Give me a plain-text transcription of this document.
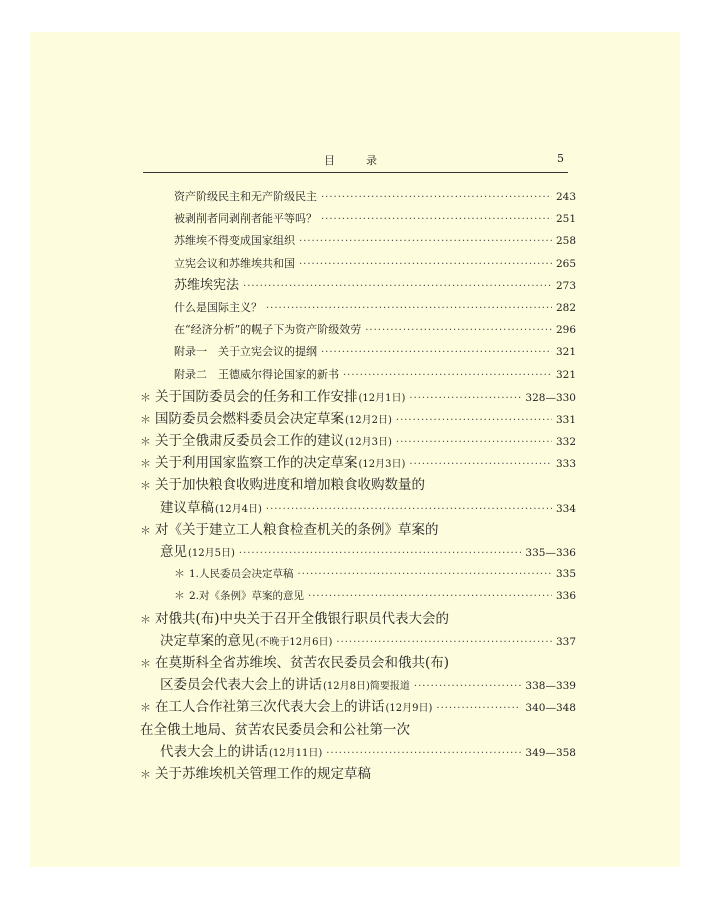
目　录	5
资产阶级民主和无产阶级民主 ·····	243
被剥削者同剥削者能平等吗？ ·····	251
苏维埃不得变成国家组织 ·····	258
立宪会议和苏维埃共和国 ·····	265
苏维埃宪法 ·····	273
什么是国际主义？ ·····	282
在“经济分析”的幌子下为资产阶级效劳 ·····	296
附录一　关于立宪会议的提纲 ·····	321
附录二　王德威尔得论国家的新书 ·····	321
＊ 关于国防委员会的任务和工作安排 (12月1日) ·····	328—330
＊ 国防委员会燃料委员会决定草案 (12月2日) ·····	331
＊ 关于全俄肃反委员会工作的建议 (12月3日) ·····	332
＊ 关于利用国家监察工作的决定草案 (12月3日) ·····	333
＊ 关于加快粮食收购进度和增加粮食收购数量的
建议草稿 (12月4日) ·····	334
＊ 对《关于建立工人粮食检查机关的条例》草案的
意见 (12月5日) ·····	335—336
＊ 1.人民委员会决定草稿 ·····	335
＊ 2.对《条例》草案的意见 ·····	336
＊ 对俄共(布)中央关于召开全俄银行职员代表大会的
决定草案的意见 (不晚于12月6日) ·····	337
＊ 在莫斯科全省苏维埃、贫苦农民委员会和俄共(布)
区委员会代表大会上的讲话 (12月8日)简要报道 ·····	338—339
＊ 在工人合作社第三次代表大会上的讲话 (12月9日) ·····	340—348
在全俄土地局、贫苦农民委员会和公社第一次
代表大会上的讲话 (12月11日) ·····	349—358
＊ 关于苏维埃机关管理工作的规定草稿
